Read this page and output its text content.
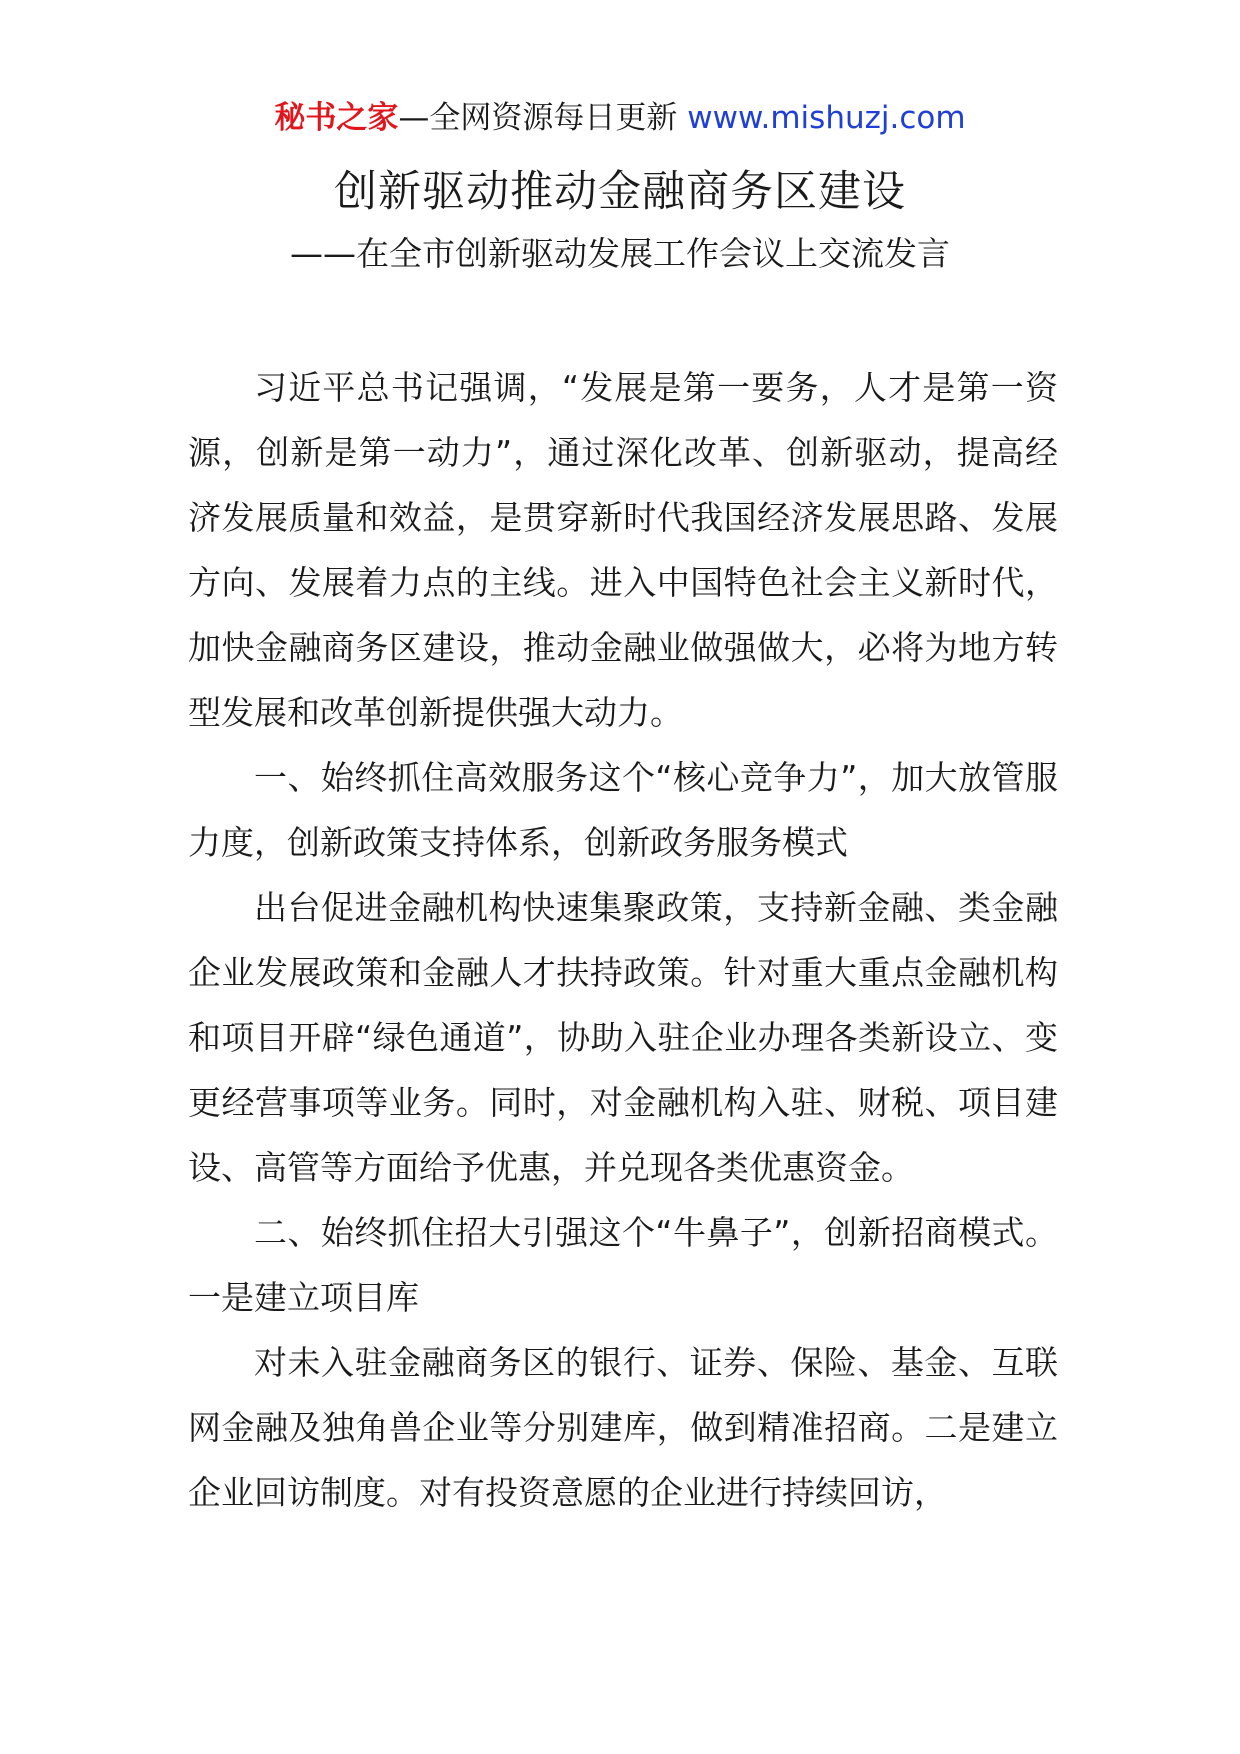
秘书之家—全网资源每日更新 www.mishuzj.com
创新驱动推动金融商务区建设
——在全市创新驱动发展工作会议上交流发言

习近平总书记强调，“发展是第一要务，人才是第一资源，创新是第一动力”，通过深化改革、创新驱动，提高经济发展质量和效益，是贯穿新时代我国经济发展思路、发展方向、发展着力点的主线。进入中国特色社会主义新时代，加快金融商务区建设，推动金融业做强做大，必将为地方转型发展和改革创新提供强大动力。

一、始终抓住高效服务这个“核心竞争力”，加大放管服力度，创新政策支持体系，创新政务服务模式

出台促进金融机构快速集聚政策，支持新金融、类金融企业发展政策和金融人才扶持政策。针对重大重点金融机构和项目开辟“绿色通道”，协助入驻企业办理各类新设立、变更经营事项等业务。同时，对金融机构入驻、财税、项目建设、高管等方面给予优惠，并兑现各类优惠资金。

二、始终抓住招大引强这个“牛鼻子”，创新招商模式。一是建立项目库

对未入驻金融商务区的银行、证券、保险、基金、互联网金融及独角兽企业等分别建库，做到精准招商。二是建立企业回访制度。对有投资意愿的企业进行持续回访，
